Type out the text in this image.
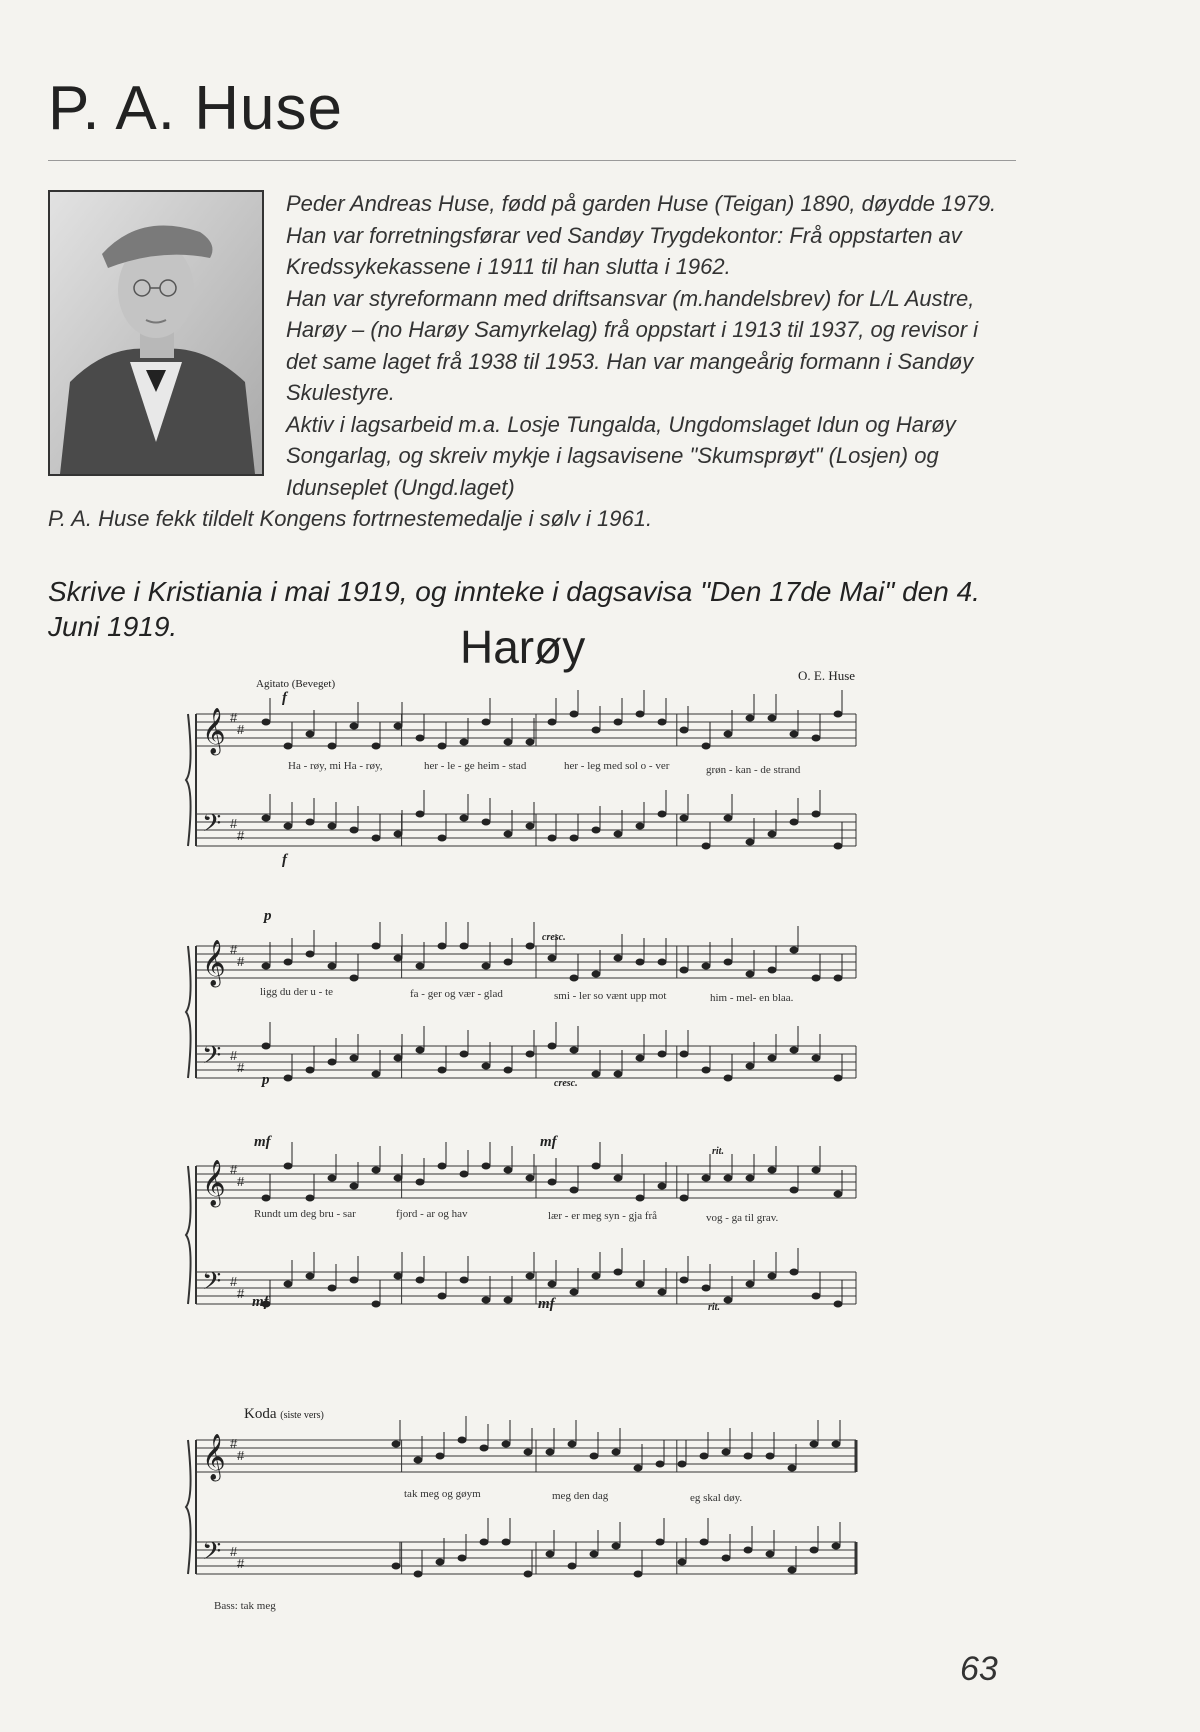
P. A. Huse

Peder Andreas Huse, fødd på garden Huse (Teigan) 1890, døydde 1979.

Han var forretningsførar ved Sandøy Trygdekontor: Frå oppstarten av Kredssykekassene i 1911 til han slutta i 1962.

Han var styreformann med driftsansvar (m.handelsbrev) for L/L Austre, Harøy – (no Harøy Samyrkelag) frå oppstart i 1913 til 1937, og revisor i det same laget frå 1938 til 1953. Han var mangeårig formann i Sandøy Skulestyre.

Aktiv i lagsarbeid m.a. Losje Tungalda, Ungdomslaget Idun og Harøy Songarlag, og skreiv mykje i lagsavisene "Skumsprøyt" (Losjen) og Idunseplet (Ungd.laget)

P. A. Huse fekk tildelt Kongens fortrnestemedalje i sølv i 1961.

Skrive i Kristiania i mai 1919, og innteke i dagsavisa "Den 17de Mai" den 4. Juni 1919.	Harøy
Agitato (Beveget)
O. E. Huse
𝄞
𝄢
#
#
#
#
f
f
Ha - røy, mi Ha - røy,	her - le - ge heim - stad	her - leg med sol o - ver	grøn - kan - de strand
𝄞
𝄢
#
#
#
#
p
p
cresc.
cresc.
ligg du der u - te	fa - ger og vær - glad	smi - ler so vænt upp mot	him - mel- en blaa.
𝄞
𝄢
#
#
#
#
mf	mf
mf	mf
rit.
rit.
Rundt um deg bru - sar	fjord - ar og hav	lær - er meg syn - gja frå	vog - ga til grav.
Koda (siste vers)
𝄞
𝄢
#
#
#
#
tak meg og gøym	meg den dag	eg skal døy.
Bass: tak meg
63
